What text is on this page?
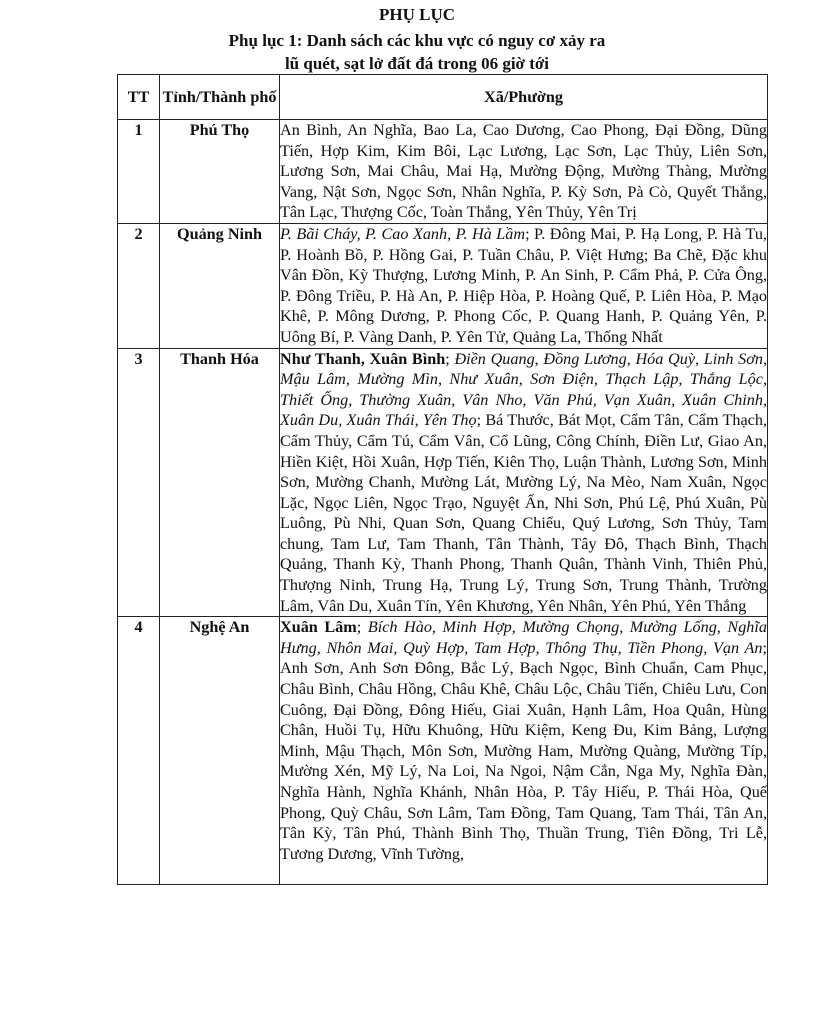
PHỤ LỤC
Phụ lục 1: Danh sách các khu vực có nguy cơ xảy ra
lũ quét, sạt lở đất đá trong 06 giờ tới
TT	Tỉnh/Thành phố	Xã/Phường
1	Phú Thọ	An Bình, An Nghĩa, Bao La, Cao Dương, Cao Phong, Đại Đồng, Dũng Tiến, Hợp Kim, Kim Bôi, Lạc Lương, Lạc Sơn, Lạc Thủy, Liên Sơn, Lương Sơn, Mai Châu, Mai Hạ, Mường Động, Mường Thàng, Mường Vang, Nật Sơn, Ngọc Sơn, Nhân Nghĩa, P. Kỳ Sơn, Pà Cò, Quyết Thắng, Tân Lạc, Thượng Cốc, Toàn Thắng, Yên Thủy, Yên Trị
2	Quảng Ninh	P. Bãi Cháy, P. Cao Xanh, P. Hà Lầm; P. Đông Mai, P. Hạ Long, P. Hà Tu, P. Hoành Bồ, P. Hồng Gai, P. Tuần Châu, P. Việt Hưng; Ba Chẽ, Đặc khu Vân Đồn, Kỳ Thượng, Lương Minh, P. An Sinh, P. Cẩm Phả, P. Cửa Ông, P. Đông Triều, P. Hà An, P. Hiệp Hòa, P. Hoàng Quế, P. Liên Hòa, P. Mạo Khê, P. Mông Dương, P. Phong Cốc, P. Quang Hanh, P. Quảng Yên, P. Uông Bí, P. Vàng Danh, P. Yên Tử, Quảng La, Thống Nhất
3	Thanh Hóa	Như Thanh, Xuân Bình; Điền Quang, Đồng Lương, Hóa Quỳ, Linh Sơn, Mậu Lâm, Mường Mìn, Như Xuân, Sơn Điện, Thạch Lập, Thắng Lộc, Thiết Ống, Thường Xuân, Vân Nho, Văn Phú, Vạn Xuân, Xuân Chinh, Xuân Du, Xuân Thái, Yên Thọ; Bá Thước, Bát Mọt, Cẩm Tân, Cẩm Thạch, Cẩm Thủy, Cẩm Tú, Cẩm Vân, Cổ Lũng, Công Chính, Điền Lư, Giao An, Hiền Kiệt, Hồi Xuân, Hợp Tiến, Kiên Thọ, Luận Thành, Lương Sơn, Minh Sơn, Mường Chanh, Mường Lát, Mường Lý, Na Mèo, Nam Xuân, Ngọc Lặc, Ngọc Liên, Ngọc Trạo, Nguyệt Ấn, Nhi Sơn, Phú Lệ, Phú Xuân, Pù Luông, Pù Nhi, Quan Sơn, Quang Chiểu, Quý Lương, Sơn Thủy, Tam chung, Tam Lư, Tam Thanh, Tân Thành, Tây Đô, Thạch Bình, Thạch Quảng, Thanh Kỳ, Thanh Phong, Thanh Quân, Thành Vinh, Thiên Phủ, Thượng Ninh, Trung Hạ, Trung Lý, Trung Sơn, Trung Thành, Trường Lâm, Vân Du, Xuân Tín, Yên Khương, Yên Nhân, Yên Phú, Yên Thắng
4	Nghệ An	Xuân Lâm; Bích Hào, Minh Hợp, Mường Chọng, Mường Lống, Nghĩa Hưng, Nhôn Mai, Quỳ Hợp, Tam Hợp, Thông Thụ, Tiền Phong, Vạn An; Anh Sơn, Anh Sơn Đông, Bắc Lý, Bạch Ngọc, Bình Chuẩn, Cam Phục, Châu Bình, Châu Hồng, Châu Khê, Châu Lộc, Châu Tiến, Chiêu Lưu, Con Cuông, Đại Đồng, Đông Hiếu, Giai Xuân, Hạnh Lâm, Hoa Quân, Hùng Chân, Huồi Tụ, Hữu Khuông, Hữu Kiệm, Keng Đu, Kim Bảng, Lượng Minh, Mậu Thạch, Môn Sơn, Mường Ham, Mường Quàng, Mường Típ, Mường Xén, Mỹ Lý, Na Loi, Na Ngoi, Nậm Cắn, Nga My, Nghĩa Đàn, Nghĩa Hành, Nghĩa Khánh, Nhân Hòa, P. Tây Hiếu, P. Thái Hòa, Quế Phong, Quỳ Châu, Sơn Lâm, Tam Đồng, Tam Quang, Tam Thái, Tân An, Tân Kỳ, Tân Phú, Thành Bình Thọ, Thuần Trung, Tiên Đồng, Tri Lễ, Tương Dương, Vĩnh Tường,
